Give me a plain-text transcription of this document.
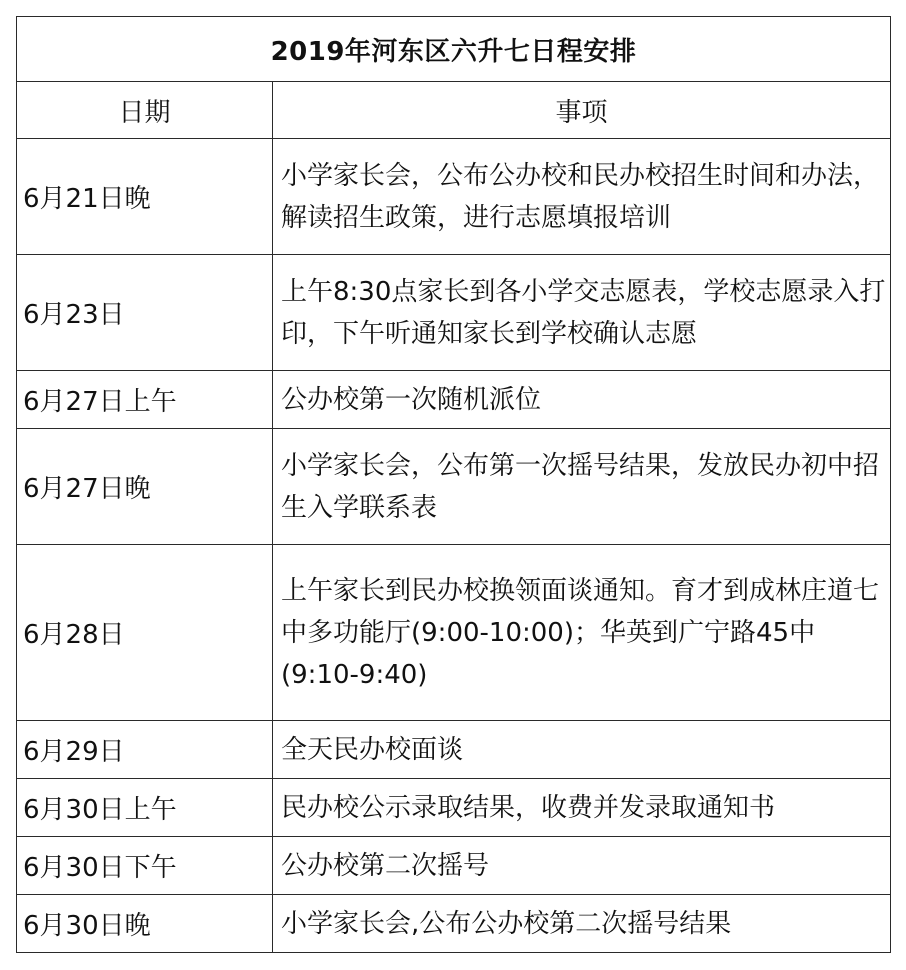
2019年河东区六升七日程安排	
日期	事项
6月21日晚	小学家长会，公布公办校和民办校招生时间和办法，解读招生政策，进行志愿填报培训
6月23日	上午8:30点家长到各小学交志愿表，学校志愿录入打印，下午听通知家长到学校确认志愿
6月27日上午	公办校第一次随机派位
6月27日晚	小学家长会，公布第一次摇号结果，发放民办初中招生入学联系表
6月28日	上午家长到民办校换领面谈通知。育才到成林庄道七中多功能厅(9:00-10:00)；华英到广宁路45中(9:10-9:40)
6月29日	全天民办校面谈
6月30日上午	民办校公示录取结果，收费并发录取通知书
6月30日下午	公办校第二次摇号
6月30日晚	小学家长会,公布公办校第二次摇号结果
